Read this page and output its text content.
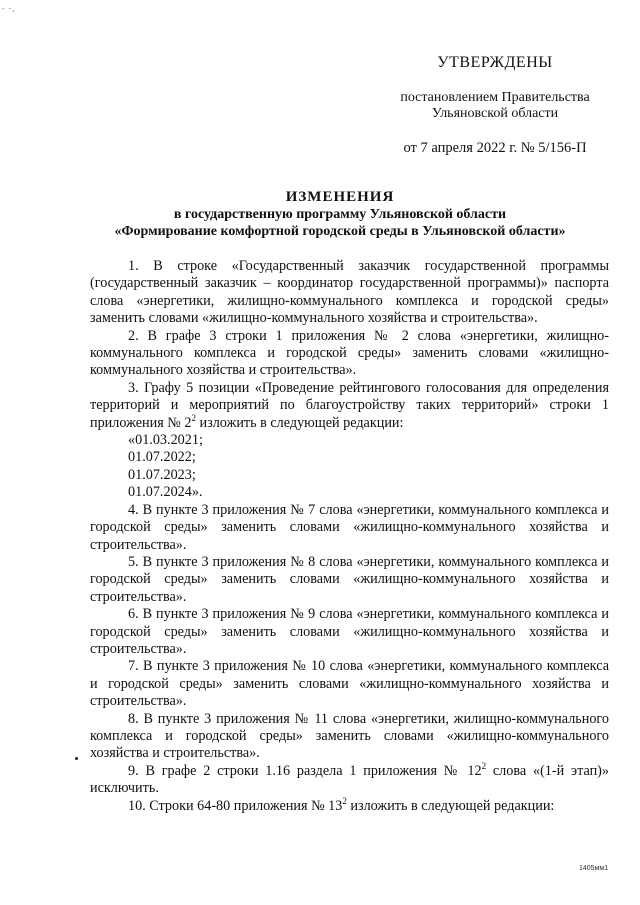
- -,
УТВЕРЖДЕНЫ
постановлением Правительства
Ульяновской области
от 7 апреля 2022 г. № 5/156-П
ИЗМЕНЕНИЯ
в государственную программу Ульяновской области
«Формирование комфортной городской среды в Ульяновской области»

1. В строке «Государственный заказчик государственной программы (государственный заказчик – координатор государственной программы)» паспорта слова «энергетики, жилищно-коммунального комплекса и городской среды» заменить словами «жилищно-коммунального хозяйства и строительства».

2. В графе 3 строки 1 приложения № 2 слова «энергетики, жилищно-коммунального комплекса и городской среды» заменить словами «жилищно-коммунального хозяйства и строительства».

3. Графу 5 позиции «Проведение рейтингового голосования для определения территорий и мероприятий по благоустройству таких территорий» строки 1 приложения № $2^2$ изложить в следующей редакции:

«01.03.2021;

01.07.2022;

01.07.2023;

01.07.2024».

4. В пункте 3 приложения № 7 слова «энергетики, коммунального комплекса и городской среды» заменить словами «жилищно-коммунального хозяйства и строительства».

5. В пункте 3 приложения № 8 слова «энергетики, коммунального комплекса и городской среды» заменить словами «жилищно-коммунального хозяйства и строительства».

6. В пункте 3 приложения № 9 слова «энергетики, коммунального комплекса и городской среды» заменить словами «жилищно-коммунального хозяйства и строительства».

7. В пункте 3 приложения № 10 слова «энергетики, коммунального комплекса и городской среды» заменить словами «жилищно-коммунального хозяйства и строительства».

8. В пункте 3 приложения № 11 слова «энергетики, жилищно-коммунального комплекса и городской среды» заменить словами «жилищно-коммунального хозяйства и строительства».

9. В графе 2 строки 1.16 раздела 1 приложения № $12^2$ слова «(1-й этап)» исключить.

10. Строки 64-80 приложения № $13^2$ изложить в следующей редакции:

1405мм1
